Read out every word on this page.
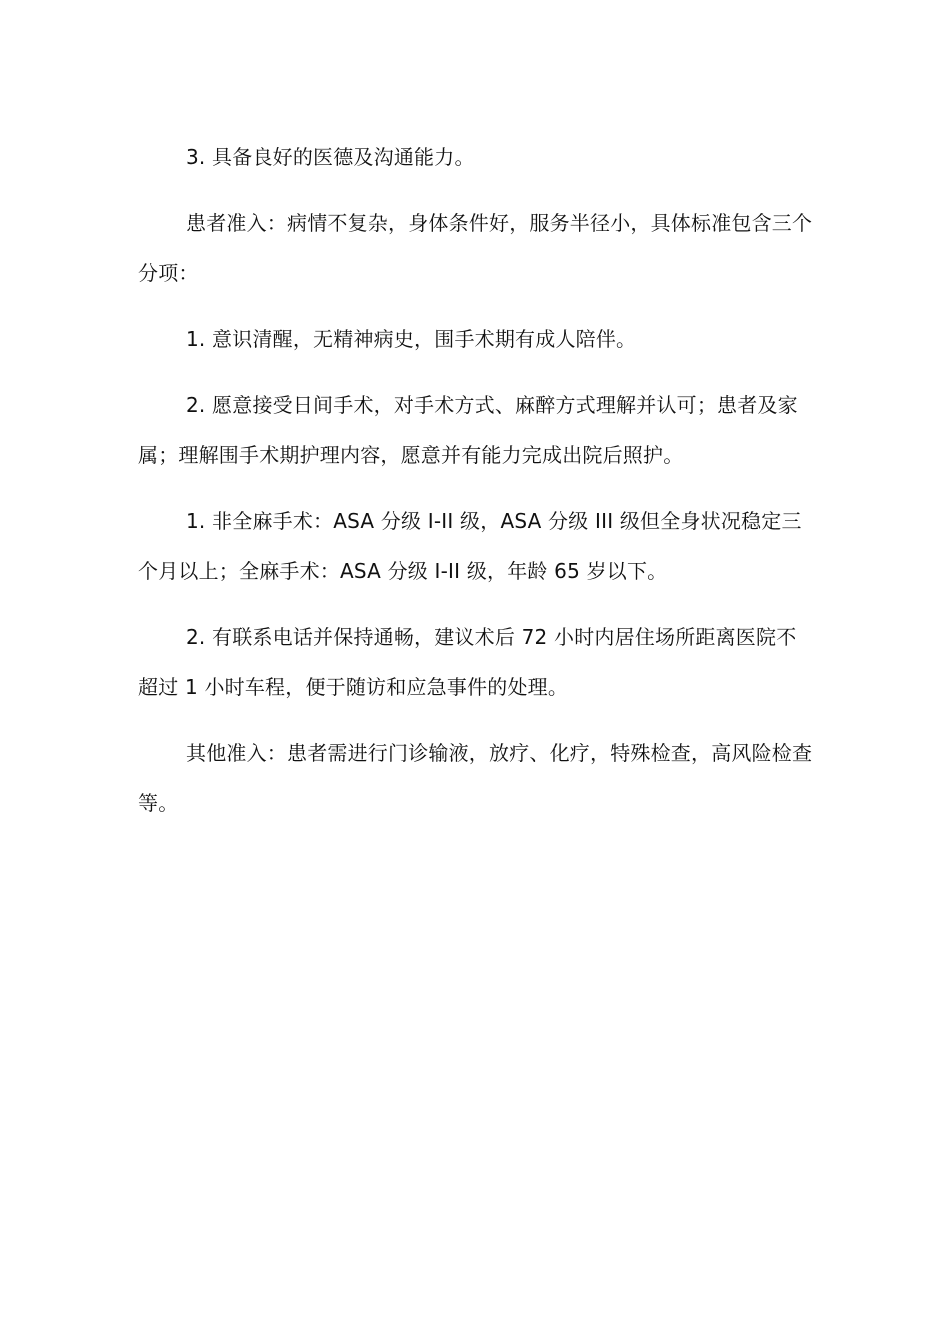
3. 具备良好的医德及沟通能力。

患者准入：病情不复杂，身体条件好，服务半径小，具体标准包含三个分项：

1. 意识清醒，无精神病史，围手术期有成人陪伴。

2. 愿意接受日间手术，对手术方式、麻醉方式理解并认可；患者及家属；理解围手术期护理内容，愿意并有能力完成出院后照护。

1. 非全麻手术：ASA 分级 I-II 级，ASA 分级 III 级但全身状况稳定三个月以上；全麻手术：ASA 分级 I-II 级，年龄 65 岁以下。

2. 有联系电话并保持通畅，建议术后 72 小时内居住场所距离医院不超过 1 小时车程，便于随访和应急事件的处理。

其他准入：患者需进行门诊输液，放疗、化疗，特殊检查，高风险检查等。
